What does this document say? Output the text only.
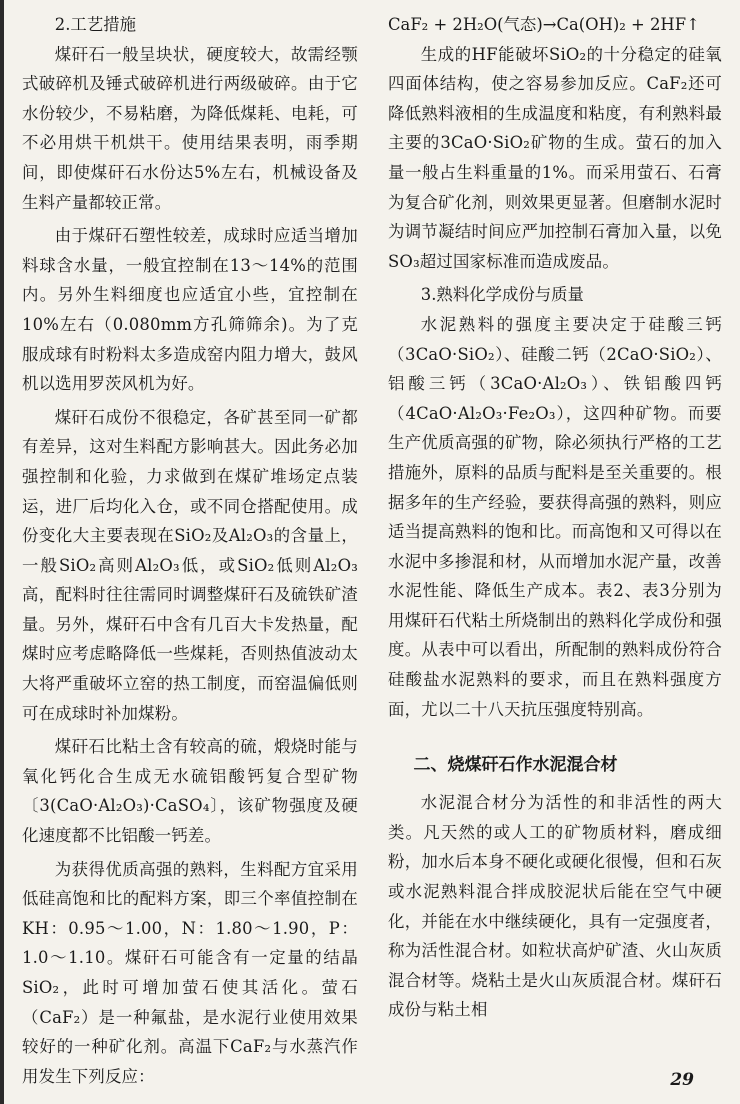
2.工艺措施
煤矸石一般呈块状，硬度较大，故需经颚式破碎机及锤式破碎机进行两级破碎。由于它水份较少，不易粘磨，为降低煤耗、电耗，可不必用烘干机烘干。使用结果表明，雨季期间，即使煤矸石水份达5%左右，机械设备及生料产量都较正常。
由于煤矸石塑性较差，成球时应适当增加料球含水量，一般宜控制在13～14%的范围内。另外生料细度也应适宜小些，宜控制在10%左右（0.080mm方孔筛筛余)。为了克服成球有时粉料太多造成窑内阻力增大，鼓风机以选用罗茨风机为好。
煤矸石成份不很稳定，各矿甚至同一矿都有差异，这对生料配方影响甚大。因此务必加强控制和化验，力求做到在煤矿堆场定点装运，进厂后均化入仓，或不同仓搭配使用。成份变化大主要表现在SiO₂及Al₂O₃的含量上，一般SiO₂高则Al₂O₃低，或SiO₂低则Al₂O₃高，配料时往往需同时调整煤矸石及硫铁矿渣量。另外，煤矸石中含有几百大卡发热量，配煤时应考虑略降低一些煤耗，否则热值波动太大将严重破坏立窑的热工制度，而窑温偏低则可在成球时补加煤粉。
煤矸石比粘土含有较高的硫，煅烧时能与氧化钙化合生成无水硫铝酸钙复合型矿物〔3(CaO·Al₂O₃)·CaSO₄〕，该矿物强度及硬化速度都不比铝酸一钙差。
为获得优质高强的熟料，生料配方宜采用低硅高饱和比的配料方案，即三个率值控制在KH：0.95～1.00，N：1.80～1.90，P：1.0～1.10。煤矸石可能含有一定量的结晶SiO₂，此时可增加萤石使其活化。萤石（CaF₂）是一种氟盐，是水泥行业使用效果较好的一种矿化剂。高温下CaF₂与水蒸汽作用发生下列反应：
CaF₂ + 2H₂O(气态)→Ca(OH)₂ + 2HF↑
生成的HF能破坏SiO₂的十分稳定的硅氧四面体结构，使之容易参加反应。CaF₂还可降低熟料液相的生成温度和粘度，有利熟料最主要的3CaO·SiO₂矿物的生成。萤石的加入量一般占生料重量的1%。而采用萤石、石膏为复合矿化剂，则效果更显著。但磨制水泥时为调节凝结时间应严加控制石膏加入量，以免SO₃超过国家标准而造成废品。
3.熟料化学成份与质量
水泥熟料的强度主要决定于硅酸三钙（3CaO·SiO₂）、硅酸二钙（2CaO·SiO₂）、铝酸三钙（3CaO·Al₂O₃）、铁铝酸四钙（4CaO·Al₂O₃·Fe₂O₃），这四种矿物。而要生产优质高强的矿物，除必须执行严格的工艺措施外，原料的品质与配料是至关重要的。根据多年的生产经验，要获得高强的熟料，则应适当提高熟料的饱和比。而高饱和又可得以在水泥中多掺混和材，从而增加水泥产量，改善水泥性能、降低生产成本。表2、表3分别为用煤矸石代粘土所烧制出的熟料化学成份和强度。从表中可以看出，所配制的熟料成份符合硅酸盐水泥熟料的要求，而且在熟料强度方面，尤以二十八天抗压强度特别高。
二、烧煤矸石作水泥混合材
水泥混合材分为活性的和非活性的两大类。凡天然的或人工的矿物质材料，磨成细粉，加水后本身不硬化或硬化很慢，但和石灰或水泥熟料混合拌成胶泥状后能在空气中硬化，并能在水中继续硬化，具有一定强度者，称为活性混合材。如粒状高炉矿渣、火山灰质混合材等。烧粘土是火山灰质混合材。煤矸石成份与粘土相
29
